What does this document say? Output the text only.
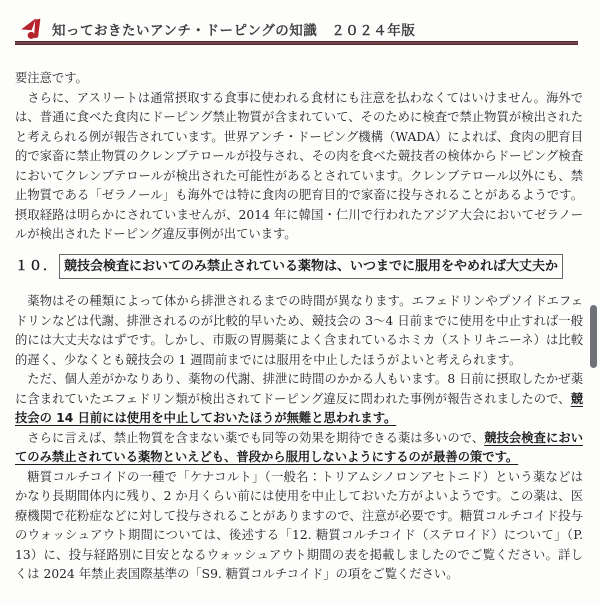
知っておきたいアンチ・ドーピングの知識　２０２４年版

要注意です。

さらに、アスリートは通常摂取する食事に使われる食材にも注意を払わなくてはいけません。海外では、普通に食べた食肉にドーピング禁止物質が含まれていて、そのために検査で禁止物質が検出されたと考えられる例が報告されています。世界アンチ・ドーピング機構（WADA）によれば、食肉の肥育目的で家畜に禁止物質のクレンブテロールが投与され、その肉を食べた競技者の検体からドーピング検査においてクレンブテロールが検出された可能性があるとされています。クレンブテロール以外にも、禁止物質である「ゼラノール」も海外では特に食肉の肥育目的で家畜に投与されることがあるようです。摂取経路は明らかにされていませんが、2014 年に韓国・仁川で行われたアジア大会においてゼラノールが検出されたドーピング違反事例が出ています。

１０． 競技会検査においてのみ禁止されている薬物は、いつまでに服用をやめれば大丈夫か

薬物はその種類によって体から排泄されるまでの時間が異なります。エフェドリンやプソイドエフェドリンなどは代謝、排泄されるのが比較的早いため、競技会の 3～4 日前までに使用を中止すれば一般的には大丈夫なはずです。しかし、市販の胃腸薬によく含まれているホミカ（ストリキニーネ）は比較的遅く、少なくとも競技会の 1 週間前までには服用を中止したほうがよいと考えられます。

ただ、個人差がかなりあり、薬物の代謝、排泄に時間のかかる人もいます。8 日前に摂取したかぜ薬に含まれていたエフェドリン類が検出されてドーピング違反に問われた事例が報告されましたので、競技会の 14 日前には使用を中止しておいたほうが無難と思われます。

さらに言えば、禁止物質を含まない薬でも同等の効果を期待できる薬は多いので、競技会検査においてのみ禁止されている薬物といえども、普段から服用しないようにするのが最善の策です。

糖質コルチコイドの一種で「ケナコルト」（一般名：トリアムシノロンアセトニド）という薬などはかなり長期間体内に残り、2 か月くらい前には使用を中止しておいた方がよいようです。この薬は、医療機関で花粉症などに対して投与されることがありますので、注意が必要です。糖質コルチコイド投与のウォッシュアウト期間については、後述する「12. 糖質コルチコイド（ステロイド）について」（P. 13）に、投与経路別に目安となるウォッシュアウト期間の表を掲載しましたのでご覧ください。詳しくは 2024 年禁止表国際基準の「S9. 糖質コルチコイド」の項をご覧ください。
